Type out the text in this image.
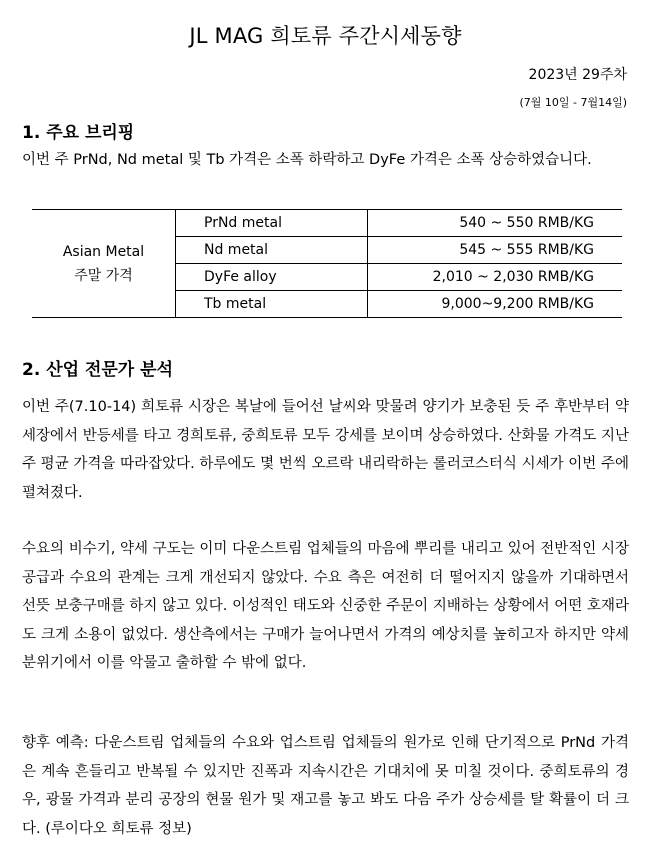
JL MAG 희토류 주간시세동향
2023년 29주차
(7월 10일 - 7월14일)
1. 주요 브리핑
이번 주 PrNd, Nd metal 및 Tb 가격은 소폭 하락하고 DyFe 가격은 소폭 상승하였습니다.
Asian Metal
주말 가격	PrNd metal	540 ~ 550 RMB/KG
	Nd metal	545 ~ 555 RMB/KG
	DyFe alloy	2,010 ~ 2,030 RMB/KG
	Tb metal	9,000~9,200 RMB/KG
2. 산업 전문가 분석
이번 주(7.10-14) 희토류 시장은 복날에 들어선 날씨와 맞물려 양기가 보충된 듯 주 후반부터 약세장에서 반등세를 타고 경희토류, 중희토류 모두 강세를 보이며 상승하였다. 산화물 가격도 지난 주 평균 가격을 따라잡았다. 하루에도 몇 번씩 오르락 내리락하는 롤러코스터식 시세가 이번 주에 펼쳐졌다.
수요의 비수기, 약세 구도는 이미 다운스트림 업체들의 마음에 뿌리를 내리고 있어 전반적인 시장 공급과 수요의 관계는 크게 개선되지 않았다. 수요 측은 여전히 더 떨어지지 않을까 기대하면서 선뜻 보충구매를 하지 않고 있다. 이성적인 태도와 신중한 주문이 지배하는 상황에서 어떤 호재라도 크게 소용이 없었다. 생산측에서는 구매가 늘어나면서 가격의 예상치를 높히고자 하지만 약세 분위기에서 이를 악물고 출하할 수 밖에 없다.
향후 예측: 다운스트림 업체들의 수요와 업스트림 업체들의 원가로 인해 단기적으로 PrNd 가격은 계속 흔들리고 반복될 수 있지만 진폭과 지속시간은 기대치에 못 미칠 것이다. 중희토류의 경우, 광물 가격과 분리 공장의 현물 원가 및 재고를 놓고 봐도 다음 주가 상승세를 탈 확률이 더 크다. (루이다오 희토류 정보)
